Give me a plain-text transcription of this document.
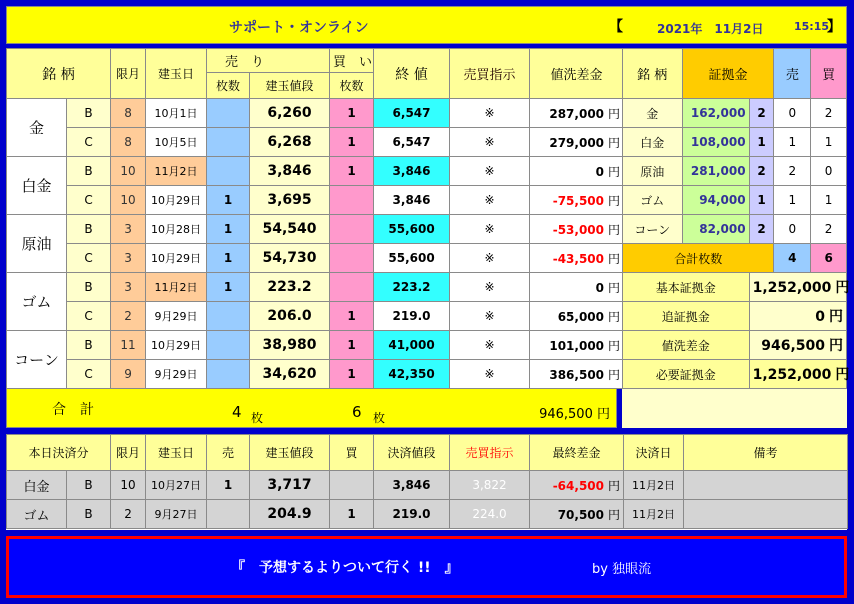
サポート・オンライン	【	2021年　11月2日	15:15
】
銘 柄		限月	建玉日	売　り		買　い	終 値	売買指示	値洗差金
				枚数	建玉値段	枚数			
金	B	8	10月1日		6,260	1	6,547	※	287,000 円
	C	8	10月5日		6,268	1	6,547	※	279,000 円
白金	B	10	11月2日		3,846	1	3,846	※	0 円
	C	10	10月29日	1	3,695		3,846	※	-75,500 円
原油	B	3	10月28日	1	54,540		55,600	※	-53,000 円
	C	3	10月29日	1	54,730		55,600	※	-43,500 円
ゴム	B	3	11月2日	1	223.2		223.2	※	0 円
	C	2	9月29日		206.0	1	219.0	※	65,000 円
コーン	B	11	10月29日		38,980	1	41,000	※	101,000 円
	C	9	9月29日		34,620	1	42,350	※	386,500 円
合　計	4 枚	6 枚	946,500 円
銘 柄	証拠金		売	買
金	162,000	2	0	2
白金	108,000	1	1	1
原油	281,000	2	2	0
ゴム	94,000	1	1	1
コーン	82,000	2	0	2
合計枚数			4	6
基本証拠金		1,252,000 円		
追証拠金		0 円		
値洗差金		946,500 円		
必要証拠金		1,252,000 円		
本日決済分		限月	建玉日	売	建玉値段	買	決済値段	売買指示	最終差金	決済日	備考
白金	B	10	10月27日	1	3,717		3,846	3,822	-64,500 円	11月2日	
ゴム	B	2	9月27日		204.9	1	219.0	224.0	70,500 円	11月2日	
『　予想するよりついて行く !!　』	by 独眼流
